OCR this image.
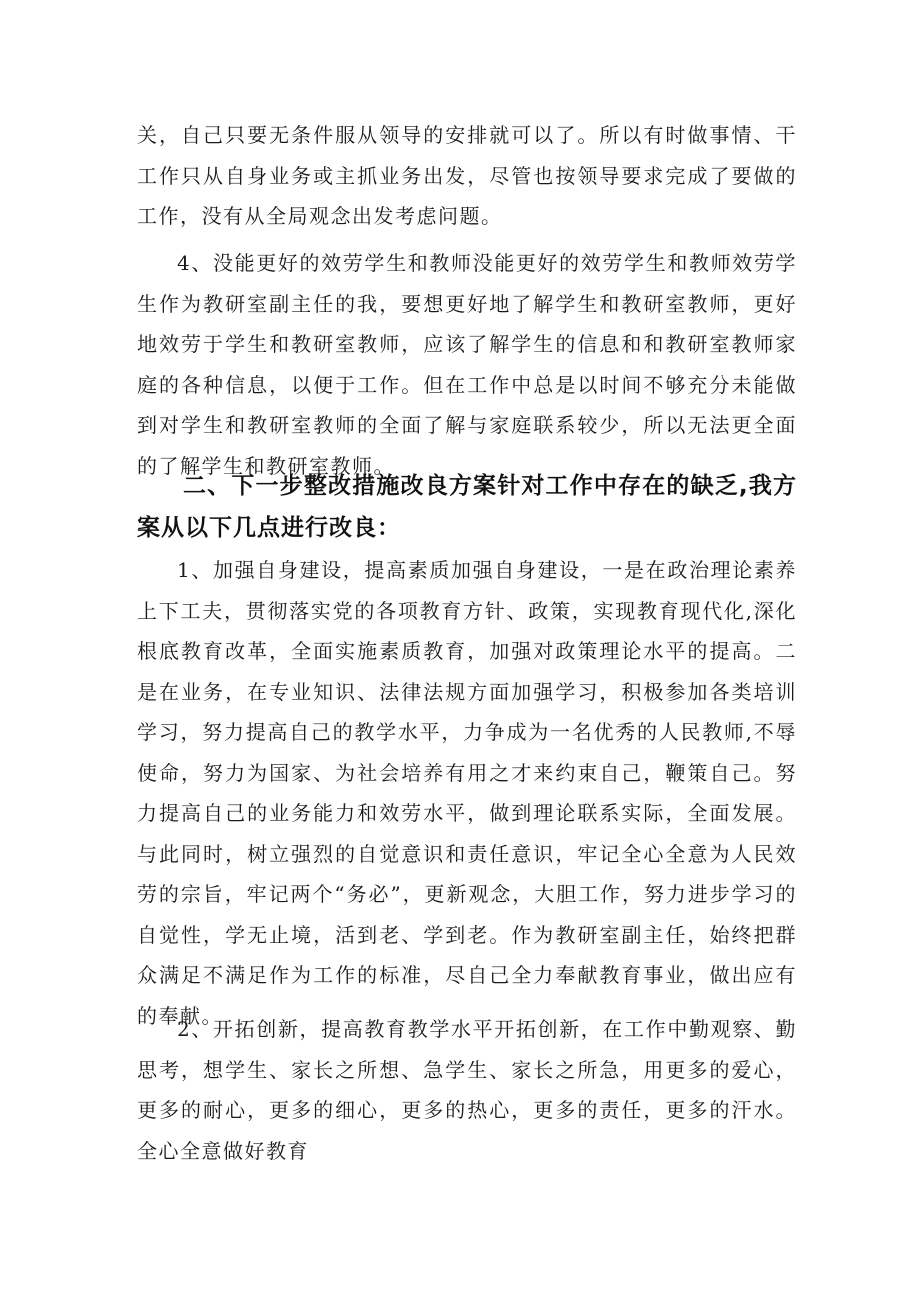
关，自己只要无条件服从领导的安排就可以了。所以有时做事情、干工作只从自身业务或主抓业务出发，尽管也按领导要求完成了要做的工作，没有从全局观念出发考虑问题。

4、没能更好的效劳学生和教师没能更好的效劳学生和教师效劳学生作为教研室副主任的我，要想更好地了解学生和教研室教师，更好地效劳于学生和教研室教师，应该了解学生的信息和和教研室教师家庭的各种信息，以便于工作。但在工作中总是以时间不够充分未能做到对学生和教研室教师的全面了解与家庭联系较少，所以无法更全面的了解学生和教研室教师。

二、下一步整改措施改良方案针对工作中存在的缺乏,我方案从以下几点进行改良：

1、加强自身建设，提高素质加强自身建设，一是在政治理论素养上下工夫，贯彻落实党的各项教育方针、政策，实现教育现代化,深化根底教育改革，全面实施素质教育，加强对政策理论水平的提高。二是在业务，在专业知识、法律法规方面加强学习，积极参加各类培训学习，努力提高自己的教学水平，力争成为一名优秀的人民教师,不辱使命，努力为国家、为社会培养有用之才来约束自己，鞭策自己。努力提高自己的业务能力和效劳水平，做到理论联系实际，全面发展。与此同时，树立强烈的自觉意识和责任意识，牢记全心全意为人民效劳的宗旨，牢记两个“务必”，更新观念，大胆工作，努力进步学习的自觉性，学无止境，活到老、学到老。作为教研室副主任，始终把群众满足不满足作为工作的标准，尽自己全力奉献教育事业，做出应有的奉献。

2、开拓创新，提高教育教学水平开拓创新，在工作中勤观察、勤思考，想学生、家长之所想、急学生、家长之所急，用更多的爱心，更多的耐心，更多的细心，更多的热心，更多的责任，更多的汗水。全心全意做好教育
